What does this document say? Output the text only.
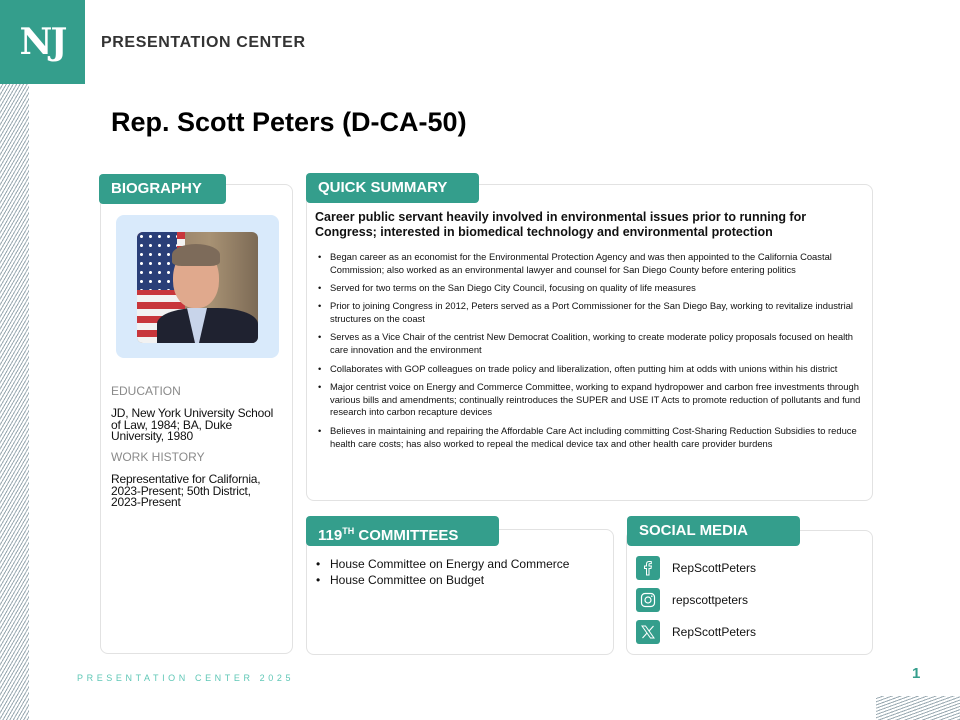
NJ PRESENTATION CENTER
Rep. Scott Peters (D-CA-50)
BIOGRAPHY
EDUCATION
JD, New York University School of Law, 1984; BA, Duke University, 1980
WORK HISTORY
Representative for California, 2023-Present; 50th District, 2023-Present
QUICK SUMMARY
Career public servant heavily involved in environmental issues prior to running for Congress; interested in biomedical technology and environmental protection
• Began career as an economist for the Environmental Protection Agency and was then appointed to the California Coastal Commission; also worked as an environmental lawyer and counsel for San Diego County before entering politics
• Served for two terms on the San Diego City Council, focusing on quality of life measures
• Prior to joining Congress in 2012, Peters served as a Port Commissioner for the San Diego Bay, working to revitalize industrial structures on the coast
• Serves as a Vice Chair of the centrist New Democrat Coalition, working to create moderate policy proposals focused on health care innovation and the environment
• Collaborates with GOP colleagues on trade policy and liberalization, often putting him at odds with unions within his district
• Major centrist voice on Energy and Commerce Committee, working to expand hydropower and carbon free investments through various bills and amendments; continually reintroduces the SUPER and USE IT Acts to promote reduction of pollutants and fund research into carbon recapture devices
• Believes in maintaining and repairing the Affordable Care Act including committing Cost-Sharing Reduction Subsidies to reduce health care costs; has also worked to repeal the medical device tax and other health care provider burdens
119TH COMMITTEES
• House Committee on Energy and Commerce
• House Committee on Budget
SOCIAL MEDIA
RepScottPeters
repscottpeters
RepScottPeters
PRESENTATION CENTER 2025	1
